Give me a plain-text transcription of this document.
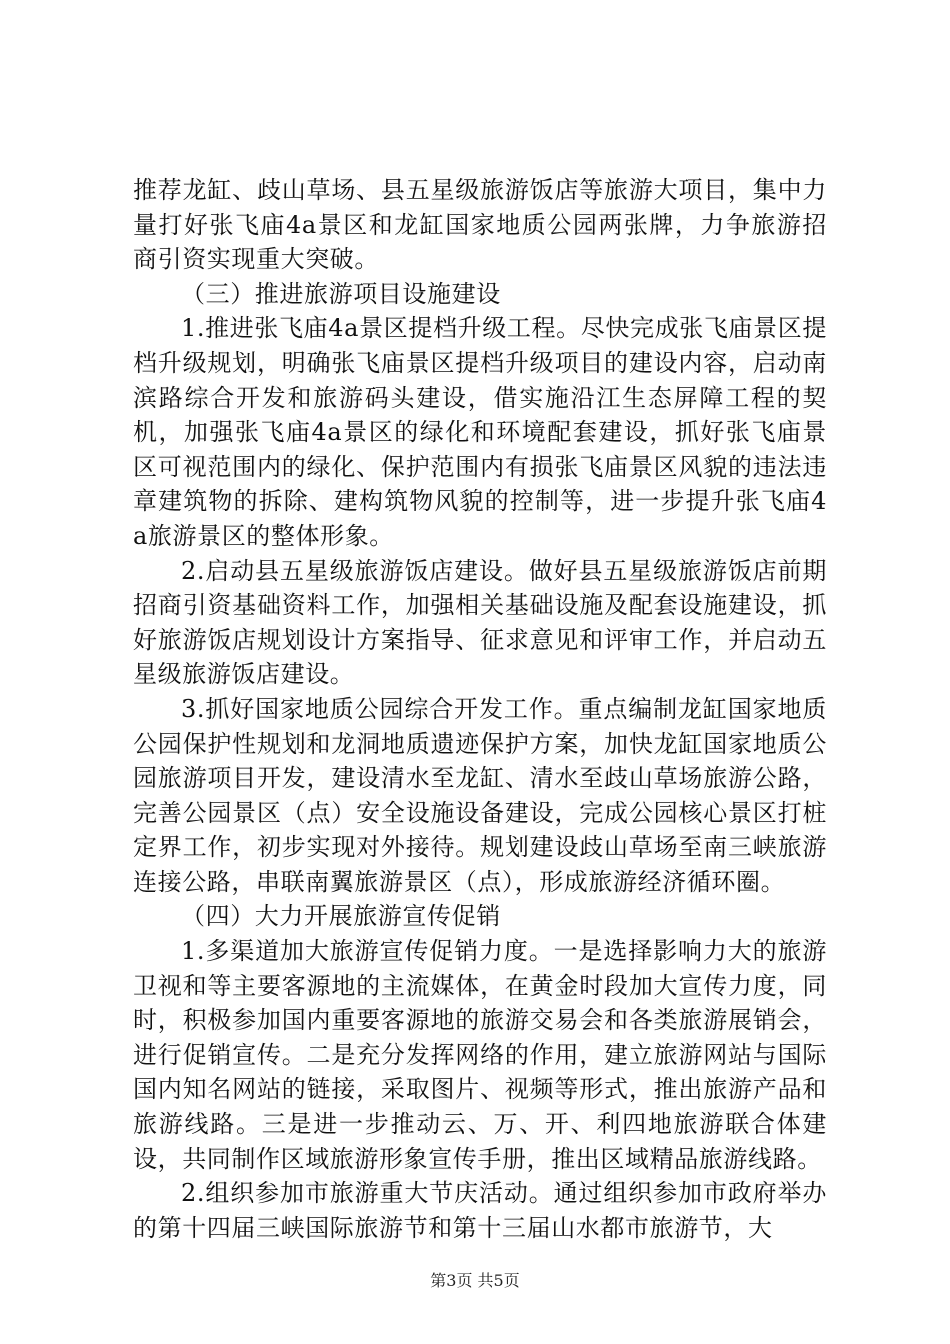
推荐龙缸、歧山草场、县五星级旅游饭店等旅游大项目，集中力量打好张飞庙4a景区和龙缸国家地质公园两张牌，力争旅游招商引资实现重大突破。

（三）推进旅游项目设施建设

1.推进张飞庙4a景区提档升级工程。尽快完成张飞庙景区提档升级规划，明确张飞庙景区提档升级项目的建设内容，启动南滨路综合开发和旅游码头建设，借实施沿江生态屏障工程的契机，加强张飞庙4a景区的绿化和环境配套建设，抓好张飞庙景区可视范围内的绿化、保护范围内有损张飞庙景区风貌的违法违章建筑物的拆除、建构筑物风貌的控制等，进一步提升张飞庙4a旅游景区的整体形象。

2.启动县五星级旅游饭店建设。做好县五星级旅游饭店前期招商引资基础资料工作，加强相关基础设施及配套设施建设，抓好旅游饭店规划设计方案指导、征求意见和评审工作，并启动五星级旅游饭店建设。

3.抓好国家地质公园综合开发工作。重点编制龙缸国家地质公园保护性规划和龙洞地质遗迹保护方案，加快龙缸国家地质公园旅游项目开发，建设清水至龙缸、清水至歧山草场旅游公路，完善公园景区（点）安全设施设备建设，完成公园核心景区打桩定界工作，初步实现对外接待。规划建设歧山草场至南三峡旅游连接公路，串联南翼旅游景区（点），形成旅游经济循环圈。

（四）大力开展旅游宣传促销

1.多渠道加大旅游宣传促销力度。一是选择影响力大的旅游卫视和等主要客源地的主流媒体，在黄金时段加大宣传力度，同时，积极参加国内重要客源地的旅游交易会和各类旅游展销会，进行促销宣传。二是充分发挥网络的作用，建立旅游网站与国际国内知名网站的链接，采取图片、视频等形式，推出旅游产品和旅游线路。三是进一步推动云、万、开、利四地旅游联合体建设，共同制作区域旅游形象宣传手册，推出区域精品旅游线路。

2.组织参加市旅游重大节庆活动。通过组织参加市政府举办的第十四届三峡国际旅游节和第十三届山水都市旅游节，大

第3页 共5页
